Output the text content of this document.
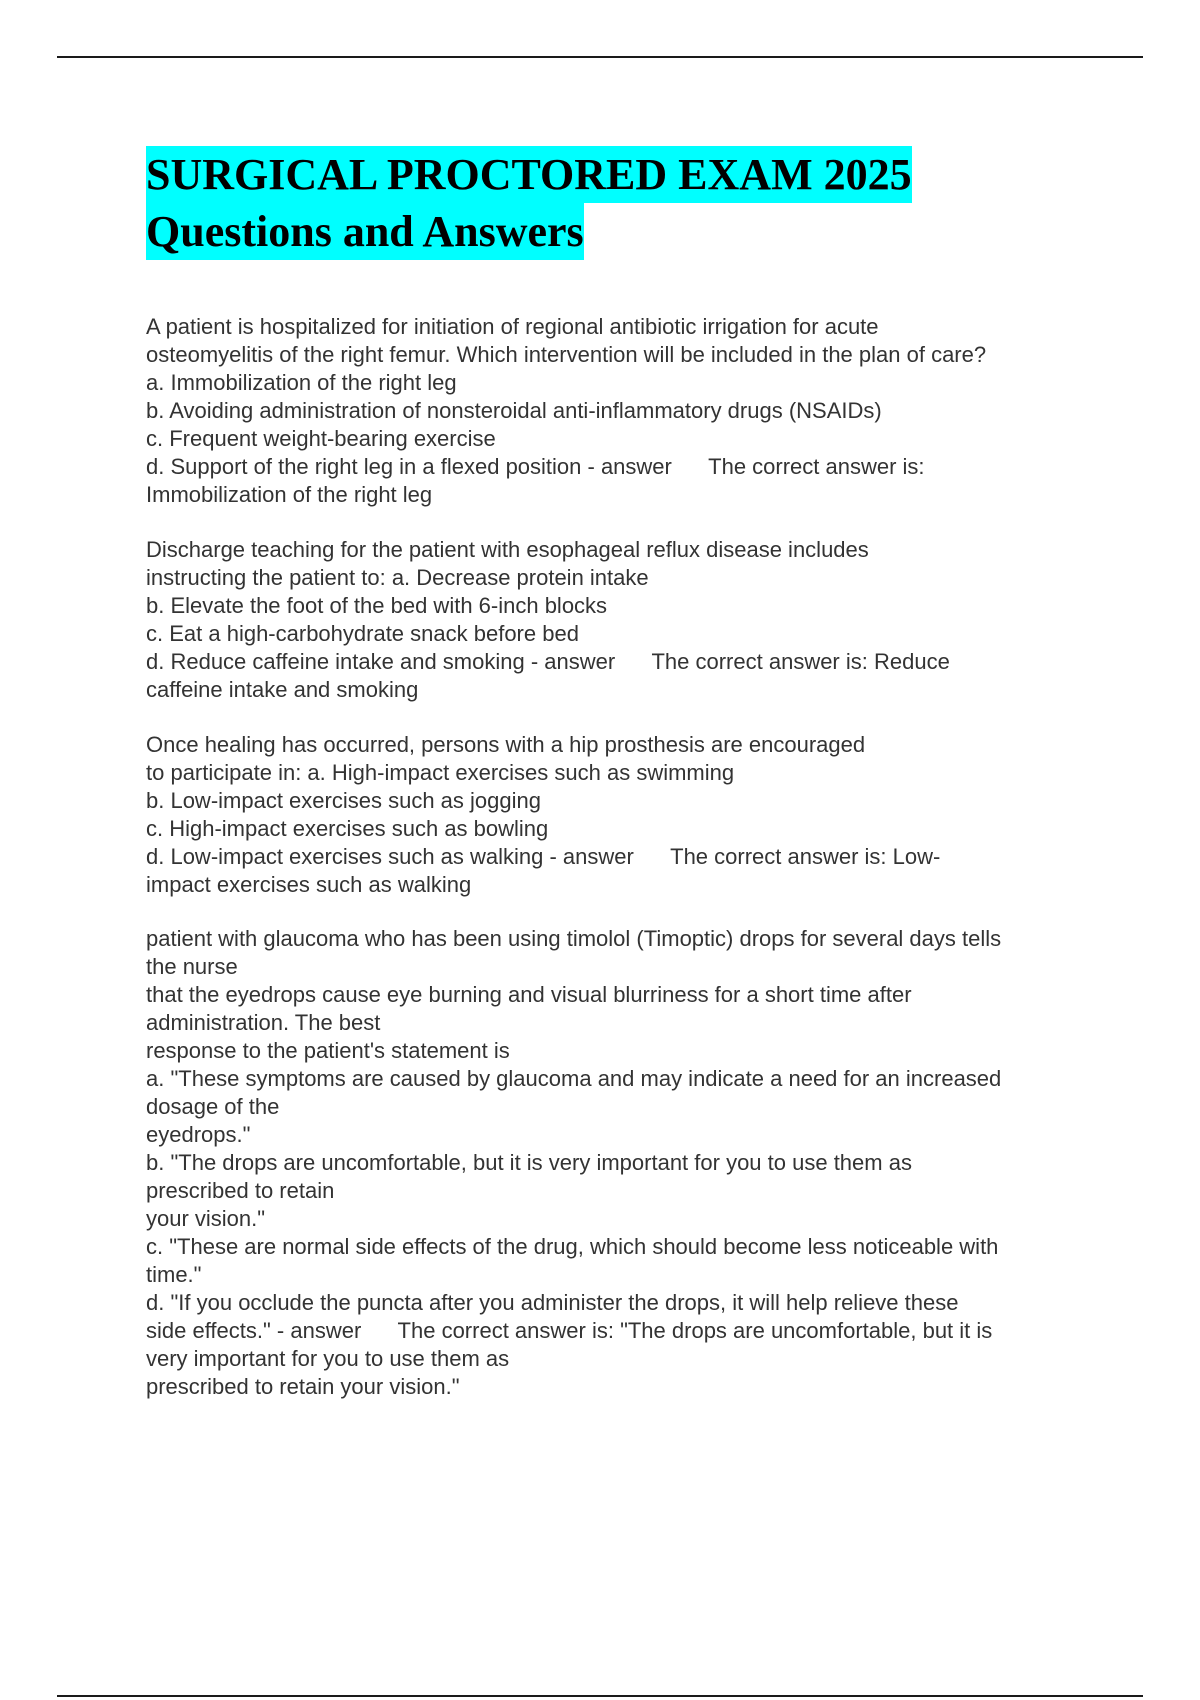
SURGICAL PROCTORED EXAM 2025
Questions and Answers
A patient is hospitalized for initiation of regional antibiotic irrigation for acute
osteomyelitis of the right femur. Which intervention will be included in the plan of care?
a. Immobilization of the right leg
b. Avoiding administration of nonsteroidal anti-inflammatory drugs (NSAIDs)
c. Frequent weight-bearing exercise
d. Support of the right leg in a flexed position - answer      The correct answer is:
Immobilization of the right leg
Discharge teaching for the patient with esophageal reflux disease includes
instructing the patient to: a. Decrease protein intake
b. Elevate the foot of the bed with 6-inch blocks
c. Eat a high-carbohydrate snack before bed
d. Reduce caffeine intake and smoking - answer      The correct answer is: Reduce
caffeine intake and smoking
Once healing has occurred, persons with a hip prosthesis are encouraged
to participate in: a. High-impact exercises such as swimming
b. Low-impact exercises such as jogging
c. High-impact exercises such as bowling
d. Low-impact exercises such as walking - answer      The correct answer is: Low-
impact exercises such as walking
patient with glaucoma who has been using timolol (Timoptic) drops for several days tells
the nurse
that the eyedrops cause eye burning and visual blurriness for a short time after
administration. The best
response to the patient's statement is
a. "These symptoms are caused by glaucoma and may indicate a need for an increased
dosage of the
eyedrops."
b. "The drops are uncomfortable, but it is very important for you to use them as
prescribed to retain
your vision."
c. "These are normal side effects of the drug, which should become less noticeable with
time."
d. "If you occlude the puncta after you administer the drops, it will help relieve these
side effects." - answer      The correct answer is: "The drops are uncomfortable, but it is
very important for you to use them as
prescribed to retain your vision."
